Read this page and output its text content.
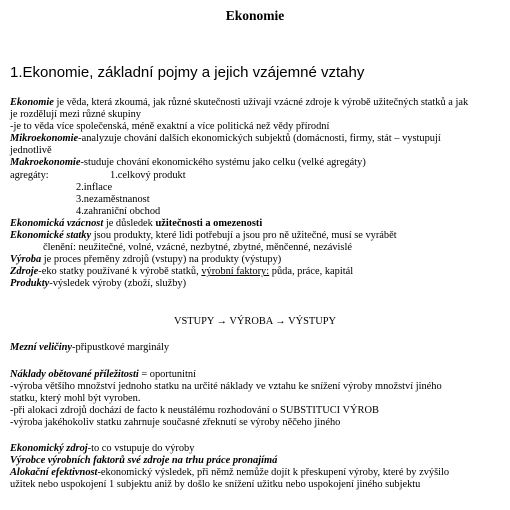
Ekonomie
1.Ekonomie, základní pojmy a jejich vzájemné vztahy
Ekonomie je věda, která zkoumá, jak různé skutečnosti užívají vzácné zdroje k výrobě užitečných statků a jak
je rozdělují mezi různé skupiny
-je to věda více společenská, méně exaktní a více politická než vědy přírodní
Mikroekonomie-analyzuje chování dalších ekonomických subjektů (domácnosti, firmy, stát – vystupují
jednotlivě
Makroekonomie-studuje chování ekonomického systému jako celku (velké agregáty)
agregáty:	1.celkový produkt
2.inflace
3.nezaměstnanost
4.zahraniční obchod
Ekonomická vzácnost je důsledek užitečnosti a omezenosti
Ekonomické statky jsou produkty, které lidi potřebují a jsou pro ně užitečné, musí se vyrábět
členění: neužitečné, volné, vzácné, nezbytné, zbytné, měnčenné, nezávislé
Výroba je proces přeměny zdrojů (vstupy) na produkty (výstupy)
Zdroje-eko statky používané k výrobě statků, výrobní faktory: půda, práce, kapitál
Produkty-výsledek výroby (zboží, služby)
VSTUPY → VÝROBA → VÝSTUPY
Mezní veličiny-připustkové marginály
Náklady obětované příležitosti = oportunitní
-výroba většího množství jednoho statku na určité náklady ve vztahu ke snížení výroby množství jiného
statku, který mohl být vyroben.
-při alokaci zdrojů dochází de facto k neustálému rozhodování o SUBSTITUCI VÝROB
-výroba jakéhokoliv statku zahrnuje současné zřeknutí se výroby něčeho jiného
Ekonomický zdroj-to co vstupuje do výroby
Výrobce výrobních faktorů své zdroje na trhu práce pronajímá
Alokační efektivnost-ekonomický výsledek, při němž nemůže dojít k přeskupení výroby, které by zvýšilo
užitek nebo uspokojení 1 subjektu aniž by došlo ke snížení užitku nebo uspokojení jiného subjektu
